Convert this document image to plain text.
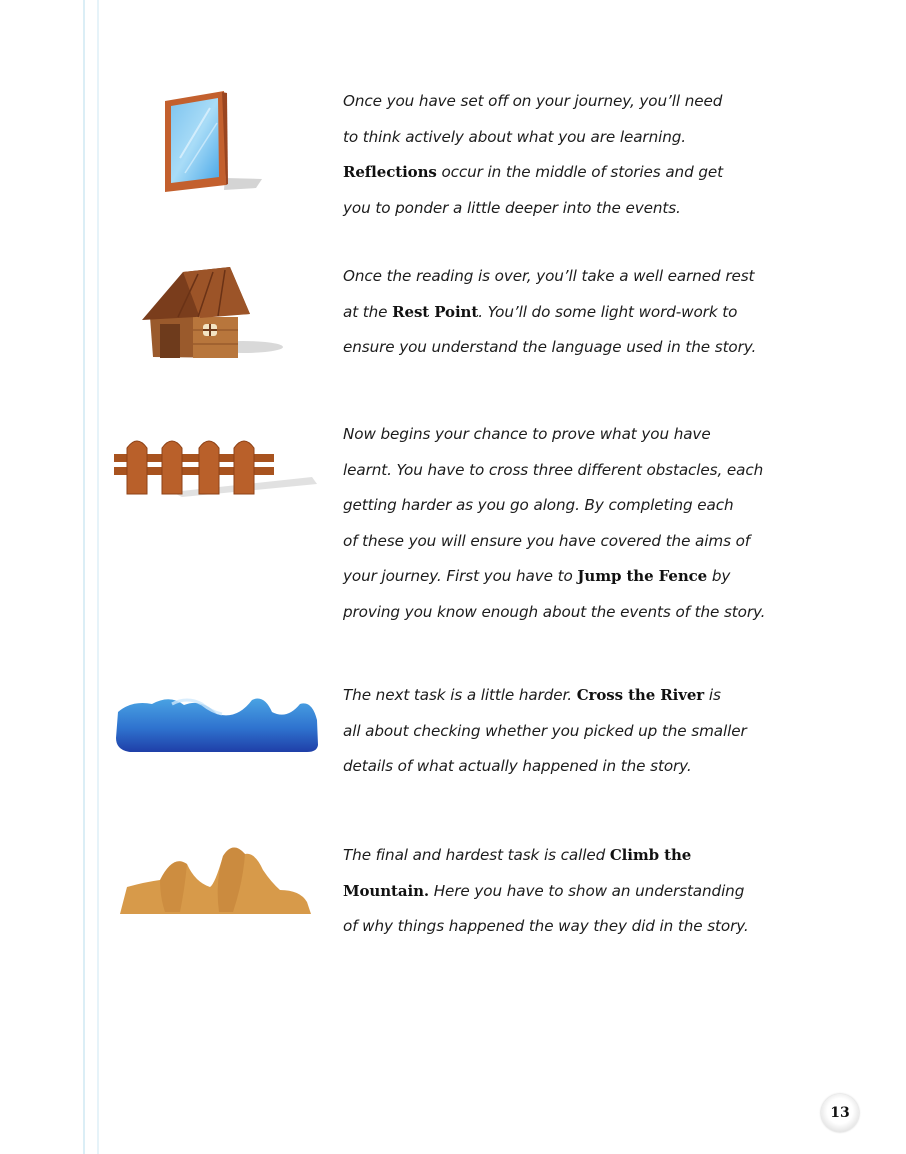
Once you have set off on your journey, you’ll need
to think actively about what you are learning.
Reflections occur in the middle of stories and get
you to ponder a little deeper into the events.

Once the reading is over, you’ll take a well earned rest
at the Rest Point. You’ll do some light word-work to
ensure you understand the language used in the story.

Now begins your chance to prove what you have
learnt. You have to cross three different obstacles, each
getting harder as you go along. By completing each
of these you will ensure you have covered the aims of
your journey. First you have to Jump the Fence by
proving you know enough about the events of the story.

The next task is a little harder. Cross the River is
all about checking whether you picked up the smaller
details of what actually happened in the story.

The final and hardest task is called Climb the
Mountain. Here you have to show an understanding
of why things happened the way they did in the story.

13
